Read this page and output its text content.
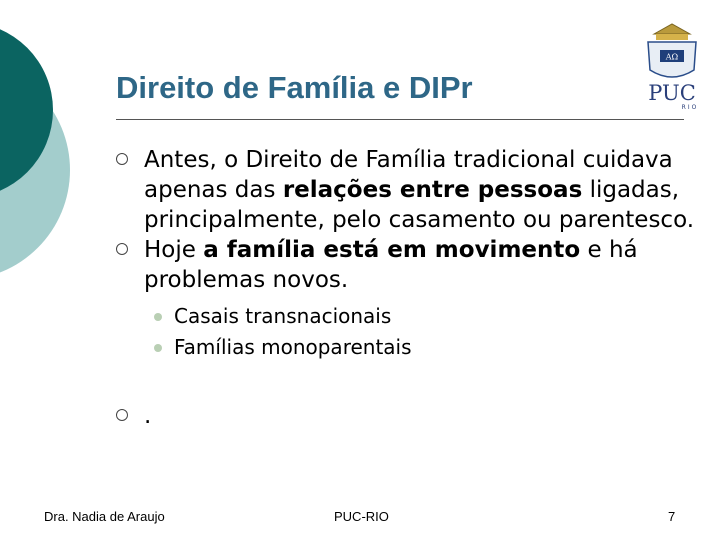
Direito de Família e DIPr
ΑΩ
PUC
RIO
Antes, o Direito de Família tradicional cuidava apenas das relações entre pessoas ligadas, principalmente, pelo casamento ou parentesco.
Hoje a família está em movimento e há problemas novos.
Casais transnacionais
Famílias monoparentais
.
Dra. Nadia de Araujo	PUC-RIO	7
